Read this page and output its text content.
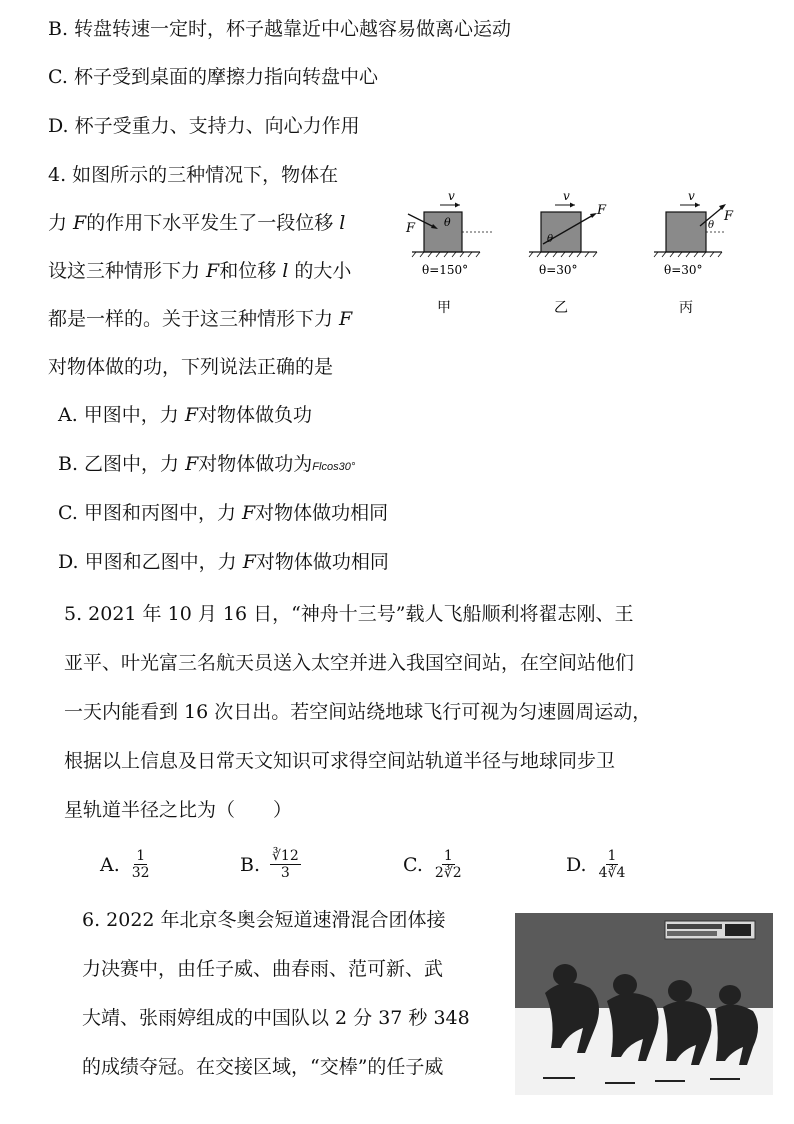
B. 转盘转速一定时，杯子越靠近中心越容易做离心运动
C. 杯子受到桌面的摩擦力指向转盘中心
D. 杯子受重力、支持力、向心力作用
4. 如图所示的三种情况下，物体在
力 F的作用下水平发生了一段位移 l
设这三种情形下力 F和位移 l 的大小
都是一样的。关于这三种情形下力 F
对物体做的功，下列说法正确的是
v
F	θ
θ=150°
甲
v
F
θ
θ=30°
乙
v
F
θ
θ=30°
丙
A. 甲图中，力 F对物体做负功
B. 乙图中，力 F对物体做功为Flcos30°
C. 甲图和丙图中，力 F对物体做功相同
D. 甲图和乙图中，力 F对物体做功相同
5. 2021 年 10 月 16 日，“神舟十三号”载人飞船顺利将翟志刚、王
亚平、叶光富三名航天员送入太空并进入我国空间站，在空间站他们
一天内能看到 16 次日出。若空间站绕地球飞行可视为匀速圆周运动，
根据以上信息及日常天文知识可求得空间站轨道半径与地球同步卫
星轨道半径之比为（　　）
A. $\frac{1}{32}$	B. $\frac{∛12}{3}$	C. $\frac{1}{2∛2}$	D. $\frac{1}{4∛4}$
6. 2022 年北京冬奥会短道速滑混合团体接
力决赛中，由任子威、曲春雨、范可新、武
大靖、张雨婷组成的中国队以 2 分 37 秒 348
的成绩夺冠。在交接区域，“交棒”的任子威
